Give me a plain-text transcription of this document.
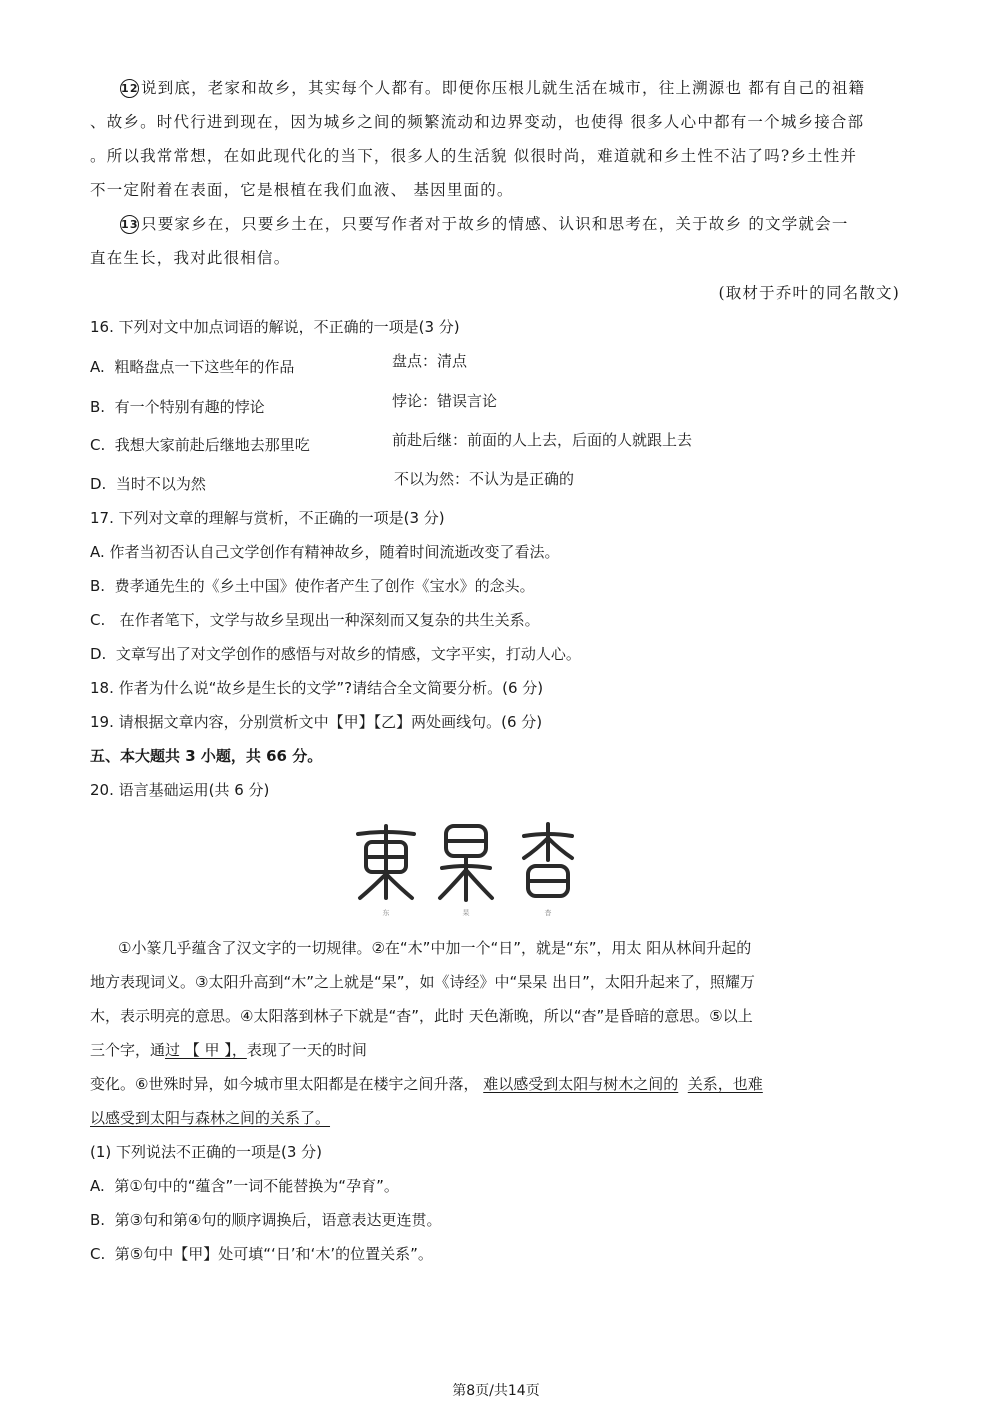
12 说到底，老家和故乡，其实每个人都有。即便你压根儿就生活在城市，往上溯源也 都有自己的祖籍
、故乡。时代行进到现在，因为城乡之间的频繁流动和边界变动，也使得 很多人心中都有一个城乡接合部
。所以我常常想，在如此现代化的当下，很多人的生活貌 似很时尚，难道就和乡土性不沾了吗?乡土性并
不一定附着在表面，它是根植在我们血液、 基因里面的。
13 只要家乡在，只要乡土在，只要写作者对于故乡的情感、认识和思考在，关于故乡 的文学就会一
直在生长，我对此很相信。
(取材于乔叶的同名散文)
16. 下列对文中加点词语的解说，不正确的一项是(3 分)
A. 粗略盘点一下这些年的作品	盘点：清点
B. 有一个特别有趣的悖论	悖论：错误言论
C. 我想大家前赴后继地去那里吃	前赴后继：前面的人上去，后面的人就跟上去
D. 当时不以为然	不以为然：不认为是正确的
17. 下列对文章的理解与赏析，不正确的一项是(3 分)
A. 作者当初否认自己文学创作有精神故乡，随着时间流逝改变了看法。
B. 费孝通先生的《乡土中国》使作者产生了创作《宝水》的念头。
C.   在作者笔下，文学与故乡呈现出一种深刻而又复杂的共生关系。
D. 文章写出了对文学创作的感悟与对故乡的情感，文字平实，打动人心。
18. 作者为什么说“故乡是生长的文学”?请结合全文简要分析。(6 分)
19. 请根据文章内容，分别赏析文中【甲】【乙】两处画线句。(6 分)
五、本大题共 3 小题，共 66 分。
20. 语言基础运用(共 6 分)
东	杲	杳
①小篆几乎蕴含了汉文字的一切规律。②在“木”中加一个“日”，就是“东”，用太 阳从林间升起的
地方表现词义。③太阳升高到“木”之上就是“杲”，如《诗经》中“杲杲 出日”，太阳升起来了，照耀万
木，表示明亮的意思。④太阳落到林子下就是“杳”，此时 天色渐晚，所以“杳”是昏暗的意思。⑤以上
三个字，通过 【 甲 】，表现了一天的时间
变化。⑥世殊时异，如今城市里太阳都是在楼宇之间升落， 难以感受到太阳与树木之间的 关系，也难
以感受到太阳与森林之间的关系了。
(1) 下列说法不正确的一项是(3 分)
A. 第①句中的“蕴含”一词不能替换为“孕育”。
B. 第③句和第④句的顺序调换后，语意表达更连贯。
C. 第⑤句中【甲】处可填“‘日’和‘木’的位置关系”。
第8页/共14页
